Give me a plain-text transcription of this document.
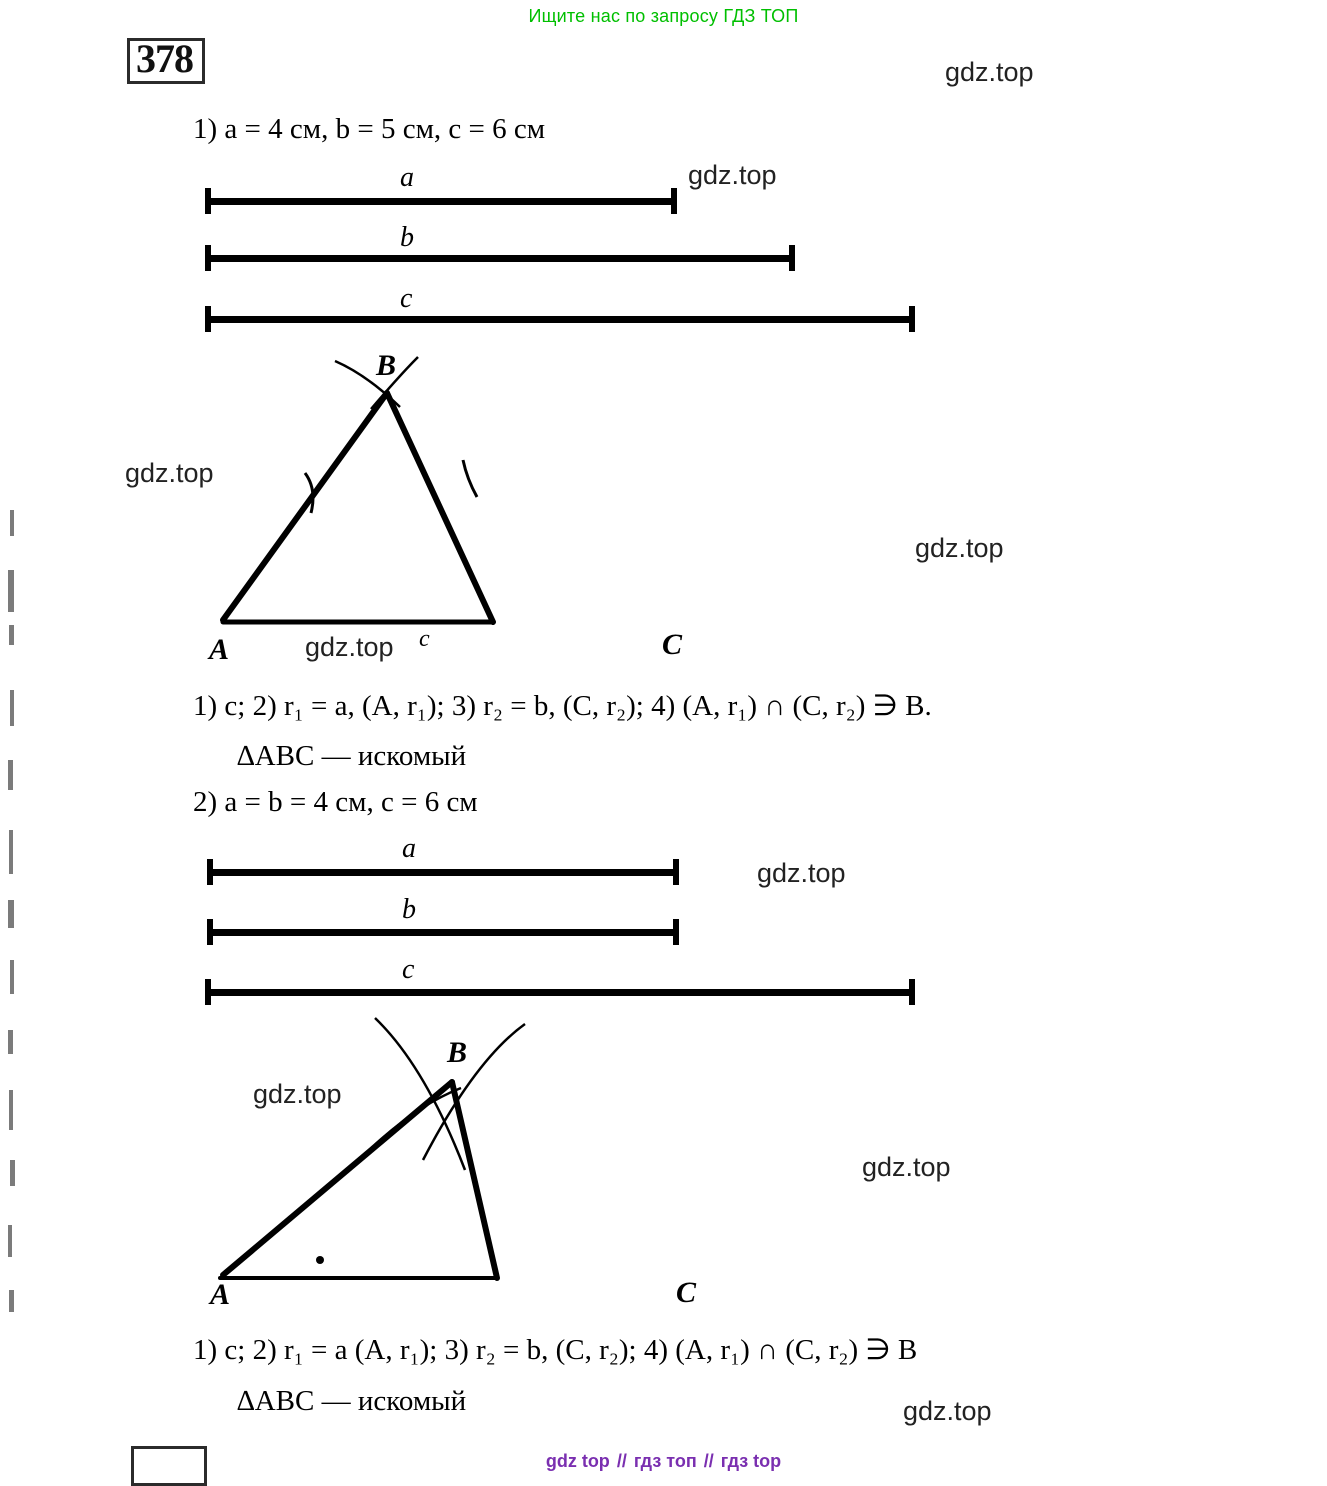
Ищите нас по запросу ГДЗ ТОП
378
1) a = 4 см, b = 5 см, c = 6 см
a
b
c
B
A	C
c
1) c; 2) r₁ = a, (A, r₁); 3) r₂ = b, (C, r₂); 4) (A, r₁) ∩ (C, r₂) ∋ B.
∆ABC — искомый
2) a = b = 4 см, c = 6 см
a
b
c
B
A	C
1) c; 2) r₁ = a (A, r₁); 3) r₂ = b, (C, r₂); 4) (A, r₁) ∩ (C, r₂) ∋ B
∆ABC — искомый
gdz top // гдз топ // гдз top
gdz.top
gdz.top
gdz.top
gdz.top
gdz.top
gdz.top
gdz.top
gdz.top
gdz.top
